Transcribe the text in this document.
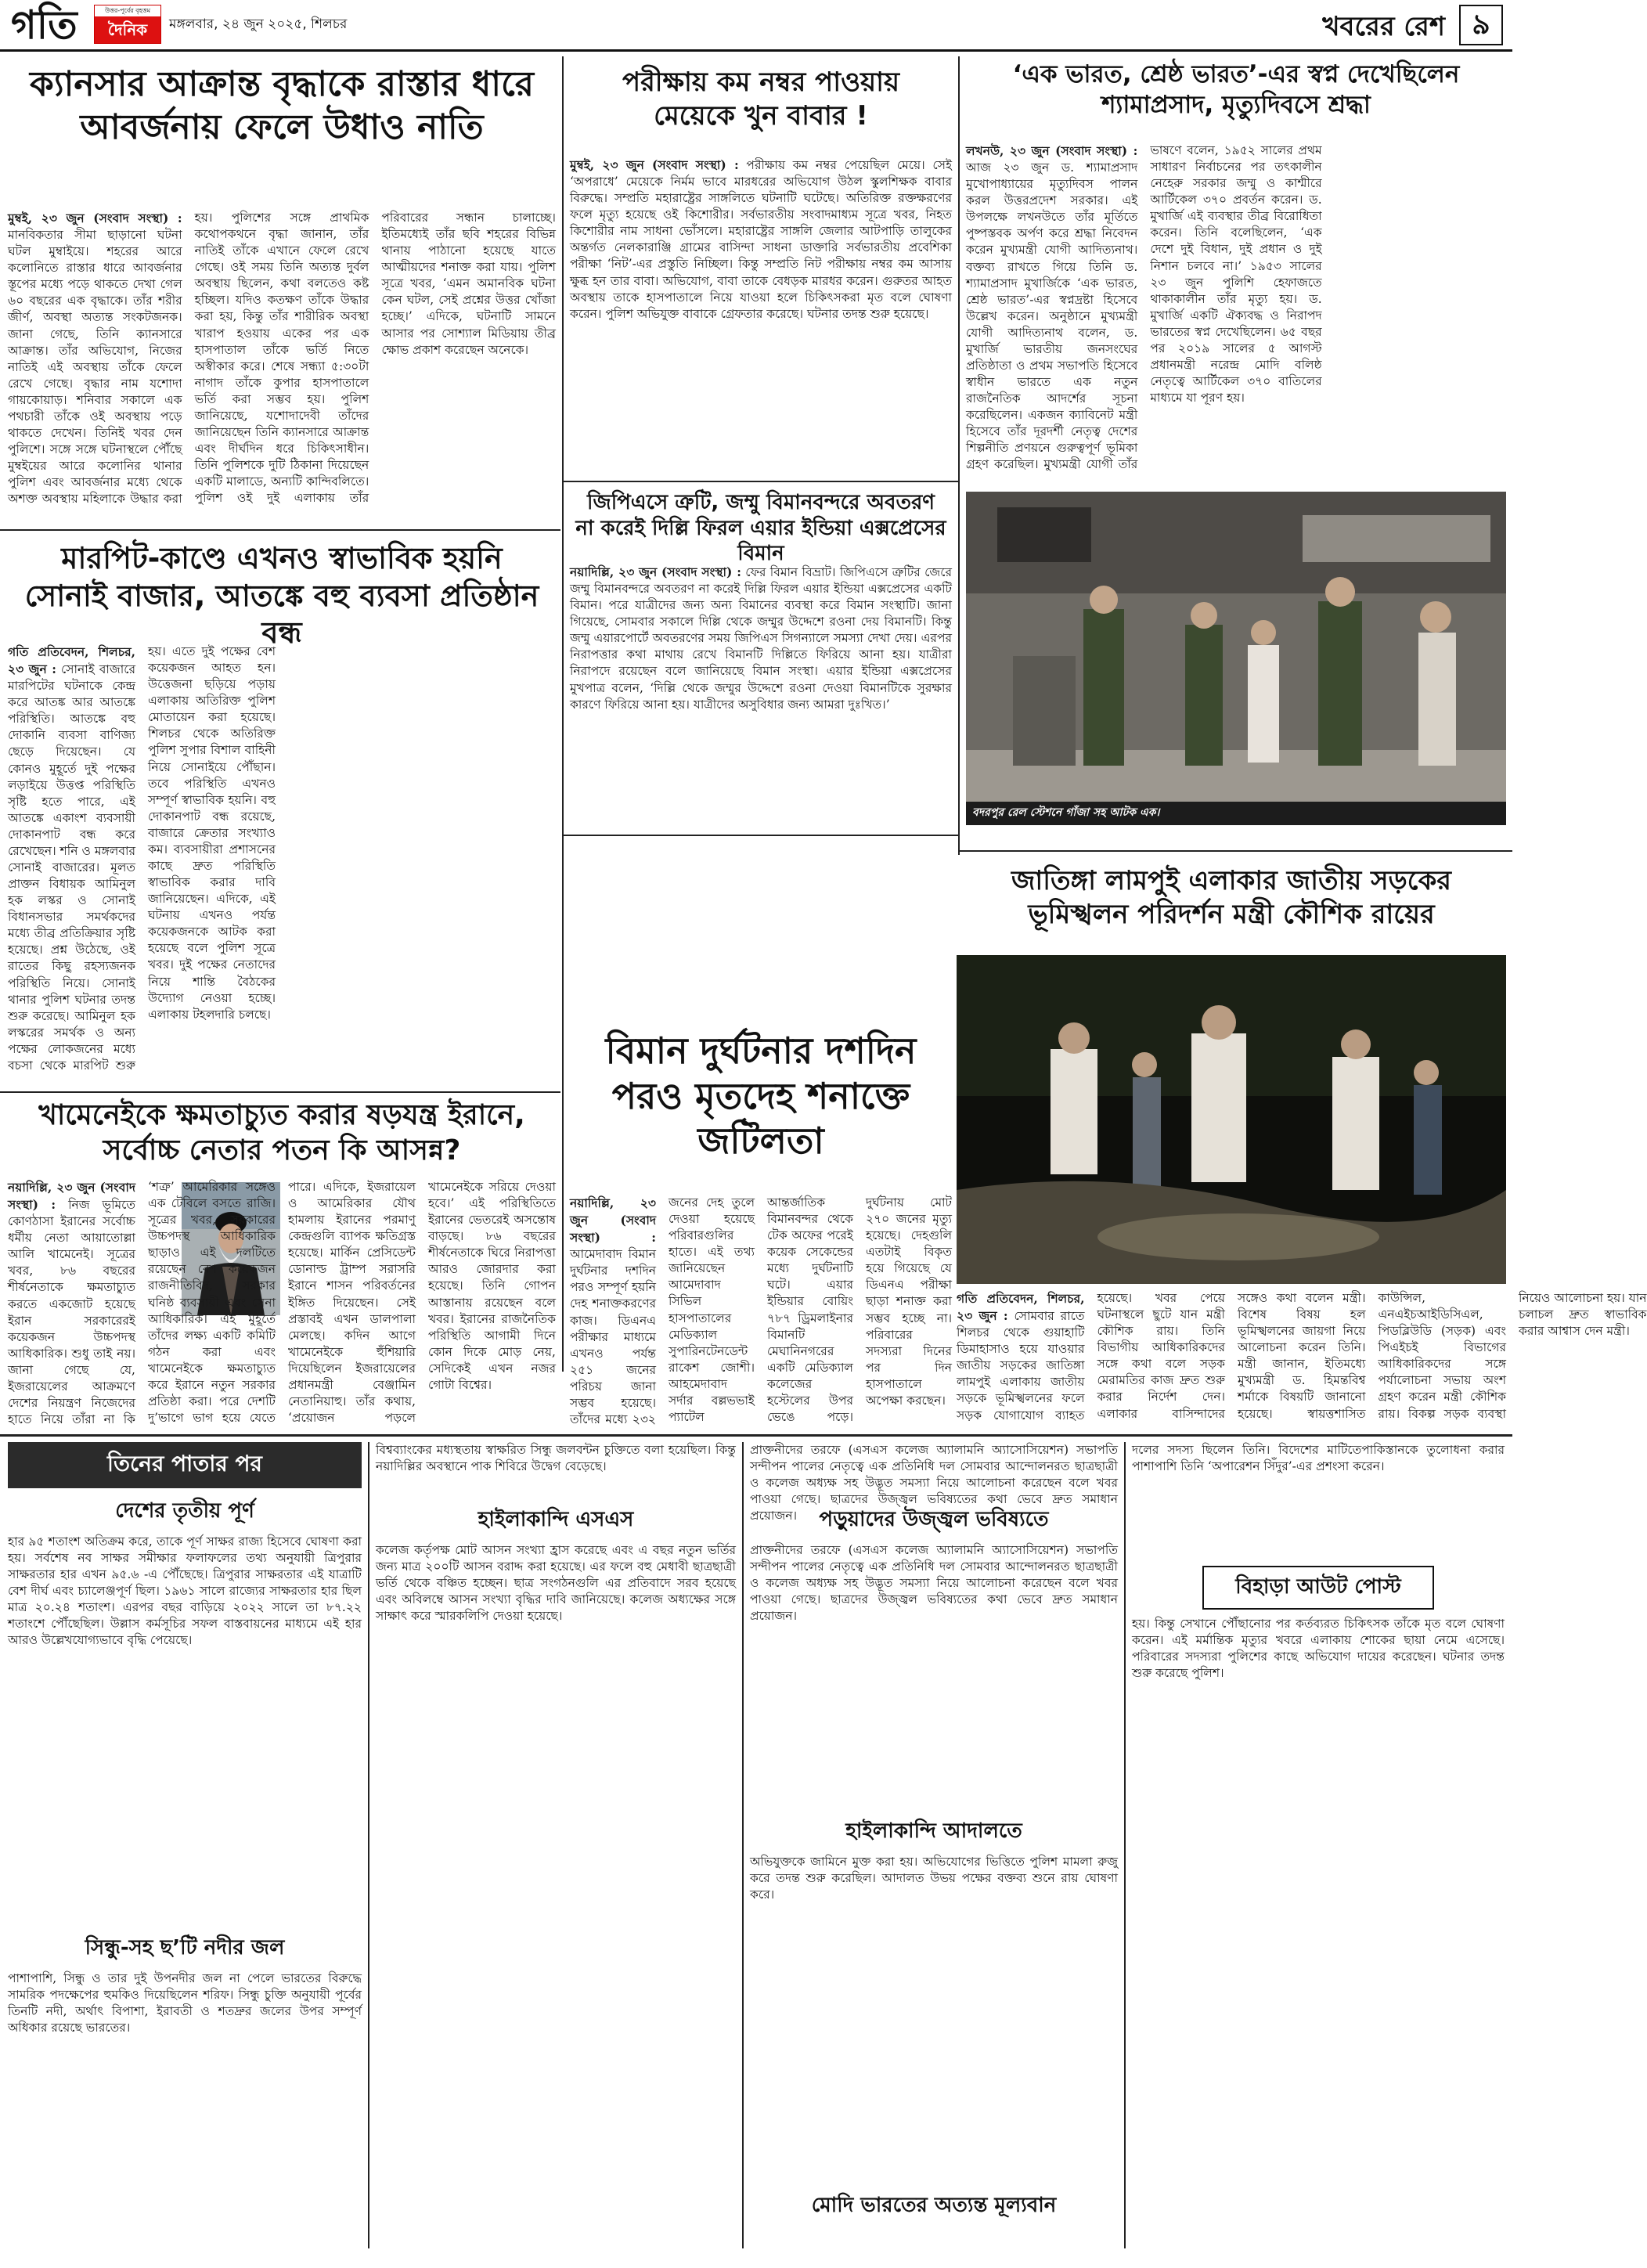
গতি	উত্তর-পূর্বের বৃহত্তম
দৈনিক	মঙ্গলবার, ২৪ জুন ২০২৫, শিলচর	খবরের রেশ ৯
ক্যানসার আক্রান্ত বৃদ্ধাকে রাস্তার ধারে আবর্জনায় ফেলে উধাও নাতি
মুম্বই, ২৩ জুন (সংবাদ সংস্থা) : মানবিকতার সীমা ছাড়ানো ঘটনা ঘটল মুম্বাইয়ে। শহরের আরে কলোনিতে রাস্তার ধারে আবর্জনার স্তূপের মধ্যে পড়ে থাকতে দেখা গেল ৬০ বছরের এক বৃদ্ধাকে। তাঁর শরীর জীর্ণ, অবস্থা অত্যন্ত সংকটজনক। জানা গেছে, তিনি ক্যানসারে আক্রান্ত। তাঁর অভিযোগ, নিজের নাতিই এই অবস্থায় তাঁকে ফেলে রেখে গেছে। বৃদ্ধার নাম যশোদা গায়কোয়াড়। শনিবার সকালে এক পথচারী তাঁকে ওই অবস্থায় পড়ে থাকতে দেখেন। তিনিই খবর দেন পুলিশে। সঙ্গে সঙ্গে ঘটনাস্থলে পৌঁছে মুম্বইয়ের আরে কলোনির থানার পুলিশ এবং আবর্জনার মধ্যে থেকে অশক্ত অবস্থায় মহিলাকে উদ্ধার করা হয়। পুলিশের সঙ্গে প্রাথমিক কথোপকথনে বৃদ্ধা জানান, তাঁর নাতিই তাঁকে এখানে ফেলে রেখে গেছে। ওই সময় তিনি অত্যন্ত দুর্বল অবস্থায় ছিলেন, কথা বলতেও কষ্ট হচ্ছিল। যদিও কতক্ষণ তাঁকে উদ্ধার করা হয়, কিন্তু তাঁর শারীরিক অবস্থা খারাপ হওয়ায় একের পর এক হাসপাতাল তাঁকে ভর্তি নিতে অস্বীকার করে। শেষে সন্ধ্যা ৫:৩০টা নাগাদ তাঁকে কুপার হাসপাতালে ভর্তি করা সম্ভব হয়। পুলিশ জানিয়েছে, যশোদাদেবী তাঁদের জানিয়েছেন তিনি ক্যানসারে আক্রান্ত এবং দীর্ঘদিন ধরে চিকিৎসাধীন। তিনি পুলিশকে দুটি ঠিকানা দিয়েছেন একটি মালাডে, অন্যটি কান্দিবলিতে। পুলিশ ওই দুই এলাকায় তাঁর পরিবারের সন্ধান চালাচ্ছে। ইতিমধ্যেই তাঁর ছবি শহরের বিভিন্ন থানায় পাঠানো হয়েছে যাতে আত্মীয়দের শনাক্ত করা যায়। পুলিশ সূত্রে খবর, ‘এমন অমানবিক ঘটনা কেন ঘটল, সেই প্রশ্নের উত্তর খোঁজা হচ্ছে।’ এদিকে, ঘটনাটি সামনে আসার পর সোশ্যাল মিডিয়ায় তীব্র ক্ষোভ প্রকাশ করেছেন অনেকে।
মারপিট-কাণ্ডে এখনও স্বাভাবিক হয়নি সোনাই বাজার, আতঙ্কে বহু ব্যবসা প্রতিষ্ঠান বন্ধ
গতি প্রতিবেদন, শিলচর, ২৩ জুন : সোনাই বাজারে মারপিটের ঘটনাকে কেন্দ্র করে আতঙ্ক আর আতঙ্কে পরিস্থিতি। আতঙ্কে বহু দোকানি ব্যবসা বাণিজ্য ছেড়ে দিয়েছেন। যে কোনও মুহূর্তে দুই পক্ষের লড়াইয়ে উত্তপ্ত পরিস্থিতি সৃষ্টি হতে পারে, এই আতঙ্কে একাংশ ব্যবসায়ী দোকানপাট বন্ধ করে রেখেছেন। শনি ও মঙ্গলবার সোনাই বাজারের। মূলত প্রাক্তন বিধায়ক আমিনুল হক লস্কর ও সোনাই বিধানসভার সমর্থকদের মধ্যে তীব্র প্রতিক্রিয়ার সৃষ্টি হয়েছে। প্রশ্ন উঠেছে, ওই রাতের কিছু রহস্যজনক পরিস্থিতি নিয়ে। সোনাই থানার পুলিশ ঘটনার তদন্ত শুরু করেছে। আমিনুল হক লস্করের সমর্থক ও অন্য পক্ষের লোকজনের মধ্যে বচসা থেকে মারপিট শুরু হয়। এতে দুই পক্ষের বেশ কয়েকজন আহত হন। উত্তেজনা ছড়িয়ে পড়ায় এলাকায় অতিরিক্ত পুলিশ মোতায়েন করা হয়েছে। শিলচর থেকে অতিরিক্ত পুলিশ সুপার বিশাল বাহিনী নিয়ে সোনাইয়ে পৌঁছান। তবে পরিস্থিতি এখনও সম্পূর্ণ স্বাভাবিক হয়নি। বহু দোকানপাট বন্ধ রয়েছে, বাজারে ক্রেতার সংখ্যাও কম। ব্যবসায়ীরা প্রশাসনের কাছে দ্রুত পরিস্থিতি স্বাভাবিক করার দাবি জানিয়েছেন। এদিকে, এই ঘটনায় এখনও পর্যন্ত কয়েকজনকে আটক করা হয়েছে বলে পুলিশ সূত্রে খবর। দুই পক্ষের নেতাদের নিয়ে শান্তি বৈঠকের উদ্যোগ নেওয়া হচ্ছে। এলাকায় টহলদারি চলছে।
খামেনেইকে ক্ষমতাচ্যুত করার ষড়যন্ত্র ইরানে, সর্বোচ্চ নেতার পতন কি আসন্ন?
নয়াদিল্লি, ২৩ জুন (সংবাদ সংস্থা) : নিজ ভূমিতে কোণঠাসা ইরানের সর্বোচ্চ ধর্মীয় নেতা আয়াতোল্লা আলি খামেনেই। সূত্রের খবর, ৮৬ বছরের শীর্ষনেতাকে ক্ষমতাচ্যুত করতে একজোট হয়েছে ইরান সরকারেরই কয়েকজন উচ্চপদস্থ আধিকারিক। শুধু তাই নয়। জানা গেছে যে, ইজরায়েলের আক্রমণে দেশের নিয়ন্ত্রণ নিজেদের হাতে নিয়ে তাঁরা না কি ‘শত্রু’ আমেরিকার সঙ্গেও এক টেবিলে বসতে রাজি। সূত্রের খবর, সরকারের উচ্চপদস্থ আধিকারিক ছাড়াও এই দলটিতে রয়েছেন বেশ কয়েকজন রাজনীতিবিদ, সরকার ঘনিষ্ঠ ব্যবসায়ী এবং সেনা আধিকারিক। এই মুহূর্তে তাঁদের লক্ষ্য একটি কমিটি গঠন করা এবং খামেনেইকে ক্ষমতাচ্যুত করে ইরানে নতুন সরকার প্রতিষ্ঠা করা। পরে দেশটি দু’ভাগে ভাগ হয়ে যেতে পারে। এদিকে, ইজরায়েল ও আমেরিকার যৌথ হামলায় ইরানের পরমাণু কেন্দ্রগুলি ব্যাপক ক্ষতিগ্রস্ত হয়েছে। মার্কিন প্রেসিডেন্ট ডোনাল্ড ট্রাম্প সরাসরি ইরানে শাসন পরিবর্তনের ইঙ্গিত দিয়েছেন। সেই প্রস্তাবই এখন ডালপালা মেলছে। কদিন আগে খামেনেইকে হুঁশিয়ারি দিয়েছিলেন ইজরায়েলের প্রধানমন্ত্রী বেঞ্জামিন নেতানিয়াহু। তাঁর কথায়, ‘প্রয়োজন পড়লে খামেনেইকে সরিয়ে দেওয়া হবে।’ এই পরিস্থিতিতে ইরানের ভেতরেই অসন্তোষ বাড়ছে। ৮৬ বছরের শীর্ষনেতাকে ঘিরে নিরাপত্তা আরও জোরদার করা হয়েছে। তিনি গোপন আস্তানায় রয়েছেন বলে খবর। ইরানের রাজনৈতিক পরিস্থিতি আগামী দিনে কোন দিকে মোড় নেয়, সেদিকেই এখন নজর গোটা বিশ্বের।
পরীক্ষায় কম নম্বর পাওয়ায় মেয়েকে খুন বাবার !
মুম্বই, ২৩ জুন (সংবাদ সংস্থা) : পরীক্ষায় কম নম্বর পেয়েছিল মেয়ে। সেই ‘অপরাধে’ মেয়েকে নির্মম ভাবে মারধরের অভিযোগ উঠল স্কুলশিক্ষক বাবার বিরুদ্ধে। সম্প্রতি মহারাষ্ট্রের সাঙ্গলিতে ঘটনাটি ঘটেছে। অতিরিক্ত রক্তক্ষরণের ফলে মৃত্যু হয়েছে ওই কিশোরীর। সর্বভারতীয় সংবাদমাধ্যম সূত্রে খবর, নিহত কিশোরীর নাম সাধনা ভোঁসলে। মহারাষ্ট্রের সাঙ্গলি জেলার আটপাড়ি তালুকের অন্তর্গত নেলকারাঞ্জি গ্রামের বাসিন্দা সাধনা ডাক্তারি সর্বভারতীয় প্রবেশিকা পরীক্ষা ‘নিট’-এর প্রস্তুতি নিচ্ছিল। কিন্তু সম্প্রতি নিট পরীক্ষায় নম্বর কম আসায় ক্ষুব্ধ হন তার বাবা। অভিযোগ, বাবা তাকে বেধড়ক মারধর করেন। গুরুতর আহত অবস্থায় তাকে হাসপাতালে নিয়ে যাওয়া হলে চিকিৎসকরা মৃত বলে ঘোষণা করেন। পুলিশ অভিযুক্ত বাবাকে গ্রেফতার করেছে। ঘটনার তদন্ত শুরু হয়েছে।
জিপিএসে ত্রুটি, জম্মু বিমানবন্দরে অবতরণ না করেই দিল্লি ফিরল এয়ার ইন্ডিয়া এক্সপ্রেসের বিমান
নয়াদিল্লি, ২৩ জুন (সংবাদ সংস্থা) : ফের বিমান বিভ্রাট। জিপিএসে ত্রুটির জেরে জম্মু বিমানবন্দরে অবতরণ না করেই দিল্লি ফিরল এয়ার ইন্ডিয়া এক্সপ্রেসের একটি বিমান। পরে যাত্রীদের জন্য অন্য বিমানের ব্যবস্থা করে বিমান সংস্থাটি। জানা গিয়েছে, সোমবার সকালে দিল্লি থেকে জম্মুর উদ্দেশে রওনা দেয় বিমানটি। কিন্তু জম্মু এয়ারপোর্টে অবতরণের সময় জিপিএস সিগন্যালে সমস্যা দেখা দেয়। এরপর নিরাপত্তার কথা মাথায় রেখে বিমানটি দিল্লিতে ফিরিয়ে আনা হয়। যাত্রীরা নিরাপদে রয়েছেন বলে জানিয়েছে বিমান সংস্থা। এয়ার ইন্ডিয়া এক্সপ্রেসের মুখপাত্র বলেন, ‘দিল্লি থেকে জম্মুর উদ্দেশে রওনা দেওয়া বিমানটিকে সুরক্ষার কারণে ফিরিয়ে আনা হয়। যাত্রীদের অসুবিধার জন্য আমরা দুঃখিত।’
বিমান দুর্ঘটনার দশদিন পরও মৃতদেহ শনাক্তে জটিলতা
নয়াদিল্লি, ২৩ জুন (সংবাদ সংস্থা) : আমেদাবাদ বিমান দুর্ঘটনার দশদিন পরও সম্পূর্ণ হয়নি দেহ শনাক্তকরণের কাজ। ডিএনএ পরীক্ষার মাধ্যমে এখনও পর্যন্ত ২৫১ জনের পরিচয় জানা সম্ভব হয়েছে। তাঁদের মধ্যে ২৩২ জনের দেহ তুলে দেওয়া হয়েছে পরিবারগুলির হাতে। এই তথ্য জানিয়েছেন আমেদাবাদ সিভিল হাসপাতালের মেডিক্যাল সুপারিনটেনডেন্ট রাকেশ জোশী। আহমেদাবাদ সর্দার বল্লভভাই প্যাটেল আন্তর্জাতিক বিমানবন্দর থেকে টেক অফের পরেই কয়েক সেকেন্ডের মধ্যে দুর্ঘটনাটি ঘটে। এয়ার ইন্ডিয়ার বোয়িং ৭৮৭ ড্রিমলাইনার বিমানটি মেঘানিনগরের একটি মেডিক্যাল কলেজের হস্টেলের উপর ভেঙে পড়ে। দুর্ঘটনায় মোট ২৭০ জনের মৃত্যু হয়েছে। দেহগুলি এতটাই বিকৃত হয়ে গিয়েছে যে ডিএনএ পরীক্ষা ছাড়া শনাক্ত করা সম্ভব হচ্ছে না। পরিবারের সদস্যরা দিনের পর দিন হাসপাতালে অপেক্ষা করছেন।
‘এক ভারত, শ্রেষ্ঠ ভারত’-এর স্বপ্ন দেখেছিলেন শ্যামাপ্রসাদ, মৃত্যুদিবসে শ্রদ্ধা
লখনউ, ২৩ জুন (সংবাদ সংস্থা) : আজ ২৩ জুন ড. শ্যামাপ্রসাদ মুখোপাধ্যায়ের মৃত্যুদিবস পালন করল উত্তরপ্রদেশ সরকার। এই উপলক্ষে লখনউতে তাঁর মূর্তিতে পুষ্পস্তবক অর্পণ করে শ্রদ্ধা নিবেদন করেন মুখ্যমন্ত্রী যোগী আদিত্যনাথ। বক্তব্য রাখতে গিয়ে তিনি ড. শ্যামাপ্রসাদ মুখার্জিকে ‘এক ভারত, শ্রেষ্ঠ ভারত’-এর স্বপ্নদ্রষ্টা হিসেবে উল্লেখ করেন। অনুষ্ঠানে মুখ্যমন্ত্রী যোগী আদিত্যনাথ বলেন, ড. মুখার্জি ভারতীয় জনসংঘের প্রতিষ্ঠাতা ও প্রথম সভাপতি হিসেবে স্বাধীন ভারতে এক নতুন রাজনৈতিক আদর্শের সূচনা করেছিলেন। একজন ক্যাবিনেট মন্ত্রী হিসেবে তাঁর দূরদর্শী নেতৃত্ব দেশের শিল্পনীতি প্রণয়নে গুরুত্বপূর্ণ ভূমিকা গ্রহণ করেছিল। মুখ্যমন্ত্রী যোগী তাঁর ভাষণে বলেন, ১৯৫২ সালের প্রথম সাধারণ নির্বাচনের পর তৎকালীন নেহেরু সরকার জম্মু ও কাশ্মীরে আর্টিকেল ৩৭০ প্রবর্তন করেন। ড. মুখার্জি এই ব্যবস্থার তীব্র বিরোধিতা করেন। তিনি বলেছিলেন, ‘এক দেশে দুই বিধান, দুই প্রধান ও দুই নিশান চলবে না।’ ১৯৫৩ সালের ২৩ জুন পুলিশি হেফাজতে থাকাকালীন তাঁর মৃত্যু হয়। ড. মুখার্জি একটি ঐক্যবদ্ধ ও নিরাপদ ভারতের স্বপ্ন দেখেছিলেন। ৬৫ বছর পর ২০১৯ সালের ৫ আগস্ট প্রধানমন্ত্রী নরেন্দ্র মোদি বলিষ্ঠ নেতৃত্বে আর্টিকেল ৩৭০ বাতিলের মাধ্যমে যা পূরণ হয়।
বদরপুর রেল স্টেশনে গাঁজা সহ আটক এক।
জাতিঙ্গা লামপুই এলাকার জাতীয় সড়কের ভূমিস্খলন পরিদর্শন মন্ত্রী কৌশিক রায়ের
গতি প্রতিবেদন, শিলচর, ২৩ জুন : সোমবার রাতে শিলচর থেকে গুয়াহাটি ডিমাহাসাও হয়ে যাওয়ার জাতীয় সড়কের জাতিঙ্গা লামপুই এলাকায় জাতীয় সড়কে ভূমিস্খলনের ফলে সড়ক যোগাযোগ ব্যাহত হয়েছে। খবর পেয়ে ঘটনাস্থলে ছুটে যান মন্ত্রী কৌশিক রায়। তিনি বিভাগীয় আধিকারিকদের সঙ্গে কথা বলে সড়ক মেরামতির কাজ দ্রুত শুরু করার নির্দেশ দেন। এলাকার বাসিন্দাদের সঙ্গেও কথা বলেন মন্ত্রী। বিশেষ বিষয় হল ভূমিস্খলনের জায়গা নিয়ে আলোচনা করেন তিনি। মন্ত্রী জানান, ইতিমধ্যে মুখ্যমন্ত্রী ড. হিমন্তবিশ্ব শর্মাকে বিষয়টি জানানো হয়েছে। স্বায়ত্তশাসিত কাউন্সিল, এনএইচআইডিসিএল, পিডব্লিউডি (সড়ক) এবং পিএইচই বিভাগের আধিকারিকদের সঙ্গে পর্যালোচনা সভায় অংশ গ্রহণ করেন মন্ত্রী কৌশিক রায়। বিকল্প সড়ক ব্যবস্থা নিয়েও আলোচনা হয়। যান চলাচল দ্রুত স্বাভাবিক করার আশ্বাস দেন মন্ত্রী।
তিনের পাতার পর
দেশের তৃতীয় পূর্ণ
হার ৯৫ শতাংশ অতিক্রম করে, তাকে পূর্ণ সাক্ষর রাজ্য হিসেবে ঘোষণা করা হয়। সর্বশেষ নব সাক্ষর সমীক্ষার ফলাফলের তথ্য অনুযায়ী ত্রিপুরার সাক্ষরতার হার এখন ৯৫.৬ -এ পৌঁছেছে। ত্রিপুরার সাক্ষরতার এই যাত্রাটি বেশ দীর্ঘ এবং চ্যালেঞ্জপূর্ণ ছিল। ১৯৬১ সালে রাজ্যের সাক্ষরতার হার ছিল মাত্র ২০.২৪ শতাংশ। এরপর বছর বাড়িয়ে ২০২২ সালে তা ৮৭.২২ শতাংশে পৌঁছেছিল। উল্লাস কর্মসূচির সফল বাস্তবায়নের মাধ্যমে এই হার আরও উল্লেখযোগ্যভাবে বৃদ্ধি পেয়েছে।
সিন্ধু-সহ ছ’টি নদীর জল
পাশাপাশি, সিন্ধু ও তার দুই উপনদীর জল না পেলে ভারতের বিরুদ্ধে সামরিক পদক্ষেপের হুমকিও দিয়েছিলেন শরিফ। সিন্ধু চুক্তি অনুযায়ী পূর্বের তিনটি নদী, অর্থাৎ বিপাশা, ইরাবতী ও শতদ্রুর জলের উপর সম্পূর্ণ অধিকার রয়েছে ভারতের।
বিশ্বব্যাংকের মধ্যস্থতায় স্বাক্ষরিত সিন্ধু জলবন্টন চুক্তিতে বলা হয়েছিল। কিন্তু নয়াদিল্লির অবস্থানে পাক শিবিরে উদ্বেগ বেড়েছে।
হাইলাকান্দি এসএস
কলেজ কর্তৃপক্ষ মোট আসন সংখ্যা হ্রাস করেছে এবং এ বছর নতুন ভর্তির জন্য মাত্র ২০০টি আসন বরাদ্দ করা হয়েছে। এর ফলে বহু মেধাবী ছাত্রছাত্রী ভর্তি থেকে বঞ্চিত হচ্ছেন। ছাত্র সংগঠনগুলি এর প্রতিবাদে সরব হয়েছে এবং অবিলম্বে আসন সংখ্যা বৃদ্ধির দাবি জানিয়েছে। কলেজ অধ্যক্ষের সঙ্গে সাক্ষাৎ করে স্মারকলিপি দেওয়া হয়েছে।
প্রাক্তনীদের তরফে (এসএস কলেজ অ্যালামনি অ্যাসোসিয়েশন) সভাপতি সন্দীপন পালের নেতৃত্বে এক প্রতিনিধি দল সোমবার আন্দোলনরত ছাত্রছাত্রী ও কলেজ অধ্যক্ষ সহ উদ্ভূত সমস্যা নিয়ে আলোচনা করেছেন বলে খবর পাওয়া গেছে। ছাত্রদের উজ্জ্বল ভবিষ্যতের কথা ভেবে দ্রুত সমাধান প্রয়োজন।	পড়ুয়াদের উজ্জ্বল ভবিষ্যতে
প্রাক্তনীদের তরফে (এসএস কলেজ অ্যালামনি অ্যাসোসিয়েশন) সভাপতি সন্দীপন পালের নেতৃত্বে এক প্রতিনিধি দল সোমবার আন্দোলনরত ছাত্রছাত্রী ও কলেজ অধ্যক্ষ সহ উদ্ভূত সমস্যা নিয়ে আলোচনা করেছেন বলে খবর পাওয়া গেছে। ছাত্রদের উজ্জ্বল ভবিষ্যতের কথা ভেবে দ্রুত সমাধান প্রয়োজন।
হাইলাকান্দি আদালতে
অভিযুক্তকে জামিনে মুক্ত করা হয়। অভিযোগের ভিত্তিতে পুলিশ মামলা রুজু করে তদন্ত শুরু করেছিল। আদালত উভয় পক্ষের বক্তব্য শুনে রায় ঘোষণা করে।
মোদি ভারতের অত্যন্ত মূল্যবান
দলের সদস্য ছিলেন তিনি। বিদেশের মাটিতেপাকিস্তানকে তুলোধনা করার পাশাপাশি তিনি ‘অপারেশন সিঁদুর’-এর প্রশংসা করেন।
বিহাড়া আউট পোস্ট
হয়। কিন্তু সেখানে পৌঁছানোর পর কর্তব্যরত চিকিৎসক তাঁকে মৃত বলে ঘোষণা করেন। এই মর্মান্তিক মৃত্যুর খবরে এলাকায় শোকের ছায়া নেমে এসেছে। পরিবারের সদস্যরা পুলিশের কাছে অভিযোগ দায়ের করেছেন। ঘটনার তদন্ত শুরু করেছে পুলিশ।
